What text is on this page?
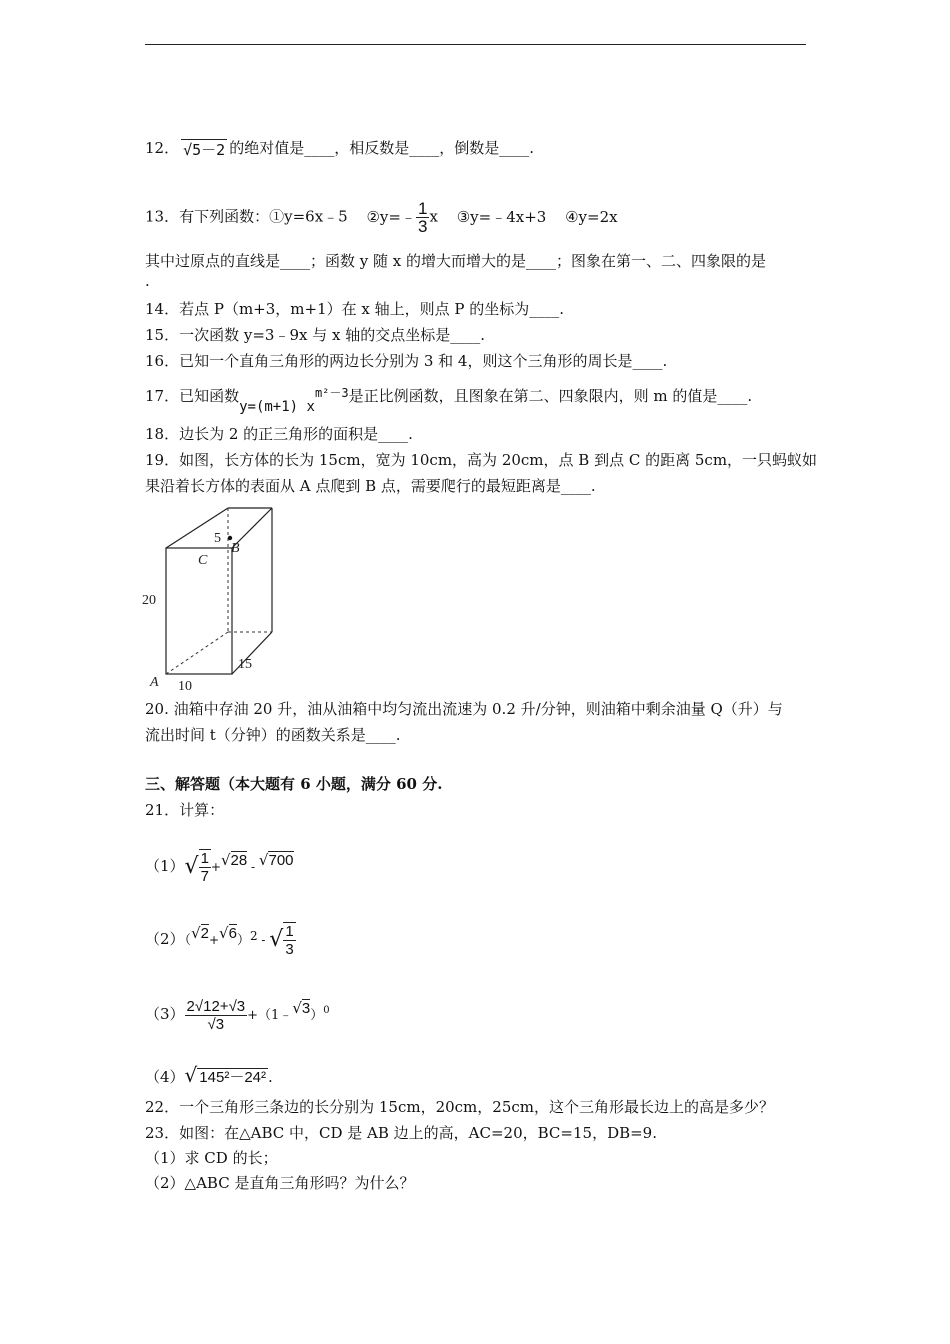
12． √5－2 的绝对值是____，相反数是____，倒数是____.
13．有下列函数：①y=6x﹣5 ②y=﹣ $\frac{1}{3}$ x ③y=﹣4x+3 ④y=2x
其中过原点的直线是____；函数 y 随 x 的增大而增大的是____；图象在第一、二、四象限的是
.
14．若点 P（m+3，m+1）在 x 轴上，则点 P 的坐标为____.
15．一次函数 y=3﹣9x 与 x 轴的交点坐标是____.
16．已知一个直角三角形的两边长分别为 3 和 4，则这个三角形的周长是____.
17．已知函数y=(m+1) $x^{m^2-3}$是正比例函数，且图象在第二、四象限内，则 m 的值是____.
18．边长为 2 的正三角形的面积是____.
19．如图，长方体的长为 15cm，宽为 10cm，高为 20cm，点 B 到点 C 的距离 5cm，一只蚂蚁如
果沿着长方体的表面从 A 点爬到 B 点，需要爬行的最短距离是____.
20
15
10
5
A
B
C
20. 油箱中存油 20 升，油从油箱中均匀流出流速为 0.2 升/分钟，则油箱中剩余油量 Q（升）与
流出时间 t（分钟）的函数关系是____.
三、解答题（本大题有 6 小题，满分 60 分.
21．计算：
$(1)√ \frac{1}{7} +√28 - √700$
$(2)(√2+√6)^2$ - √ $\frac{1}{3}$
$(3) \frac{2√12+√3}{√3}$ +（1﹣√3）$^0$
（4）√ 145²－24² .
22．一个三角形三条边的长分别为 15cm，20cm，25cm，这个三角形最长边上的高是多少？
23．如图：在△ABC 中，CD 是 AB 边上的高，AC=20，BC=15，DB=9.
（1）求 CD 的长；
（2）△ABC 是直角三角形吗？为什么？
